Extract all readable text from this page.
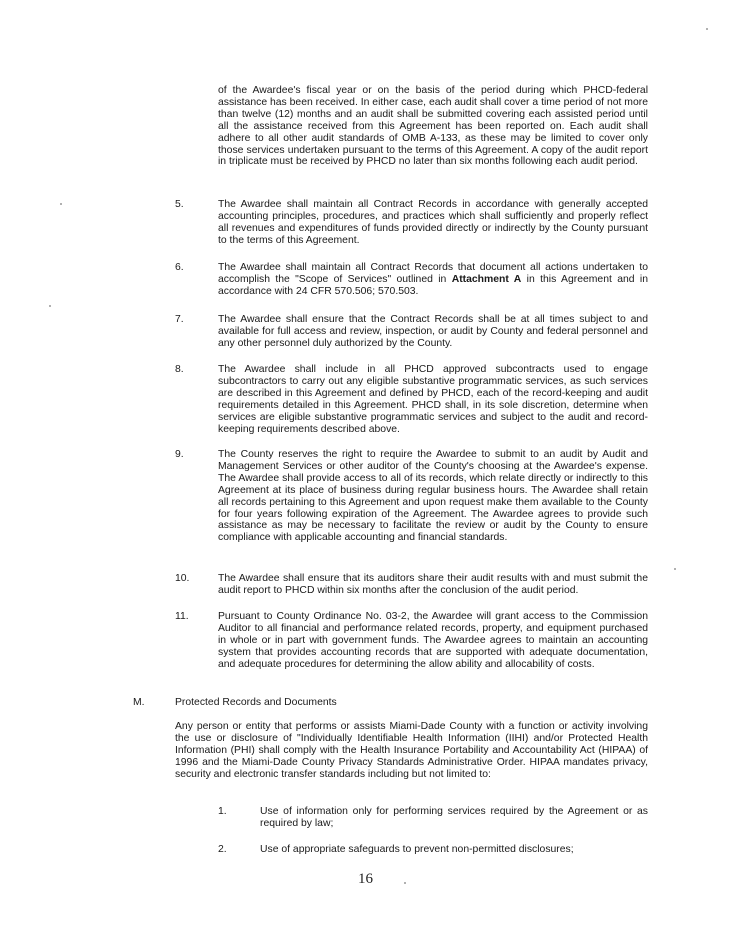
of the Awardee's fiscal year or on the basis of the period during which PHCD-federal assistance has been received. In either case, each audit shall cover a time period of not more than twelve (12) months and an audit shall be submitted covering each assisted period until all the assistance received from this Agreement has been reported on. Each audit shall adhere to all other audit standards of OMB A-133, as these may be limited to cover only those services undertaken pursuant to the terms of this Agreement. A copy of the audit report in triplicate must be received by PHCD no later than six months following each audit period.

5.	The Awardee shall maintain all Contract Records in accordance with generally accepted accounting principles, procedures, and practices which shall sufficiently and properly reflect all revenues and expenditures of funds provided directly or indirectly by the County pursuant to the terms of this Agreement.

6.	The Awardee shall maintain all Contract Records that document all actions undertaken to accomplish the "Scope of Services" outlined in Attachment A in this Agreement and in accordance with 24 CFR 570.506; 570.503.

7.	The Awardee shall ensure that the Contract Records shall be at all times subject to and available for full access and review, inspection, or audit by County and federal personnel and any other personnel duly authorized by the County.

8.	The Awardee shall include in all PHCD approved subcontracts used to engage subcontractors to carry out any eligible substantive programmatic services, as such services are described in this Agreement and defined by PHCD, each of the record-keeping and audit requirements detailed in this Agreement. PHCD shall, in its sole discretion, determine when services are eligible substantive programmatic services and subject to the audit and record-keeping requirements described above.

9.	The County reserves the right to require the Awardee to submit to an audit by Audit and Management Services or other auditor of the County's choosing at the Awardee's expense. The Awardee shall provide access to all of its records, which relate directly or indirectly to this Agreement at its place of business during regular business hours. The Awardee shall retain all records pertaining to this Agreement and upon request make them available to the County for four years following expiration of the Agreement. The Awardee agrees to provide such assistance as may be necessary to facilitate the review or audit by the County to ensure compliance with applicable accounting and financial standards.

10.	The Awardee shall ensure that its auditors share their audit results with and must submit the audit report to PHCD within six months after the conclusion of the audit period.

11.	Pursuant to County Ordinance No. 03-2, the Awardee will grant access to the Commission Auditor to all financial and performance related records, property, and equipment purchased in whole or in part with government funds. The Awardee agrees to maintain an accounting system that provides accounting records that are supported with adequate documentation, and adequate procedures for determining the allow ability and allocability of costs.

M.	Protected Records and Documents

Any person or entity that performs or assists Miami-Dade County with a function or activity involving the use or disclosure of "Individually Identifiable Health Information (IIHI) and/or Protected Health Information (PHI) shall comply with the Health Insurance Portability and Accountability Act (HIPAA) of 1996 and the Miami-Dade County Privacy Standards Administrative Order. HIPAA mandates privacy, security and electronic transfer standards including but not limited to:

1.	Use of information only for performing services required by the Agreement or as required by law;

2.	Use of appropriate safeguards to prevent non-permitted disclosures;

16
